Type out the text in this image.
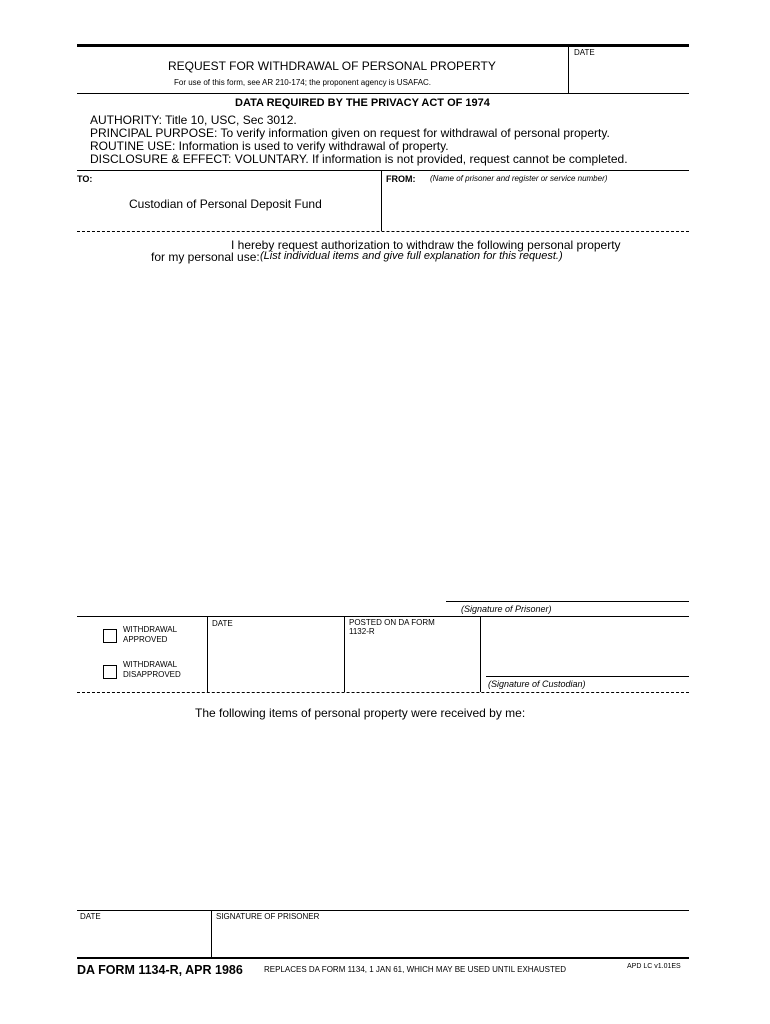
DATE
REQUEST FOR WITHDRAWAL OF PERSONAL PROPERTY
For use of this form, see AR 210-174; the proponent agency is USAFAC.
DATA REQUIRED BY THE PRIVACY ACT OF 1974
AUTHORITY: Title 10, USC, Sec 3012.
PRINCIPAL PURPOSE: To verify information given on request for withdrawal of personal property.
ROUTINE USE: Information is used to verify withdrawal of property.
DISCLOSURE & EFFECT: VOLUNTARY. If information is not provided, request cannot be completed.
TO:
Custodian of Personal Deposit Fund
FROM: (Name of prisoner and register or service number)
I hereby request authorization to withdraw the following personal property
for my personal use: (List individual items and give full explanation for this request.)
(Signature of Prisoner)
WITHDRAWAL
APPROVED
WITHDRAWAL
DISAPPROVED
DATE	POSTED ON DA FORM
1132-R
(Signature of Custodian)
The following items of personal property were received by me:
DATE	SIGNATURE OF PRISONER
DA FORM 1134-R, APR 1986	REPLACES DA FORM 1134, 1 JAN 61, WHICH MAY BE USED UNTIL EXHAUSTED	APD LC v1.01ES
